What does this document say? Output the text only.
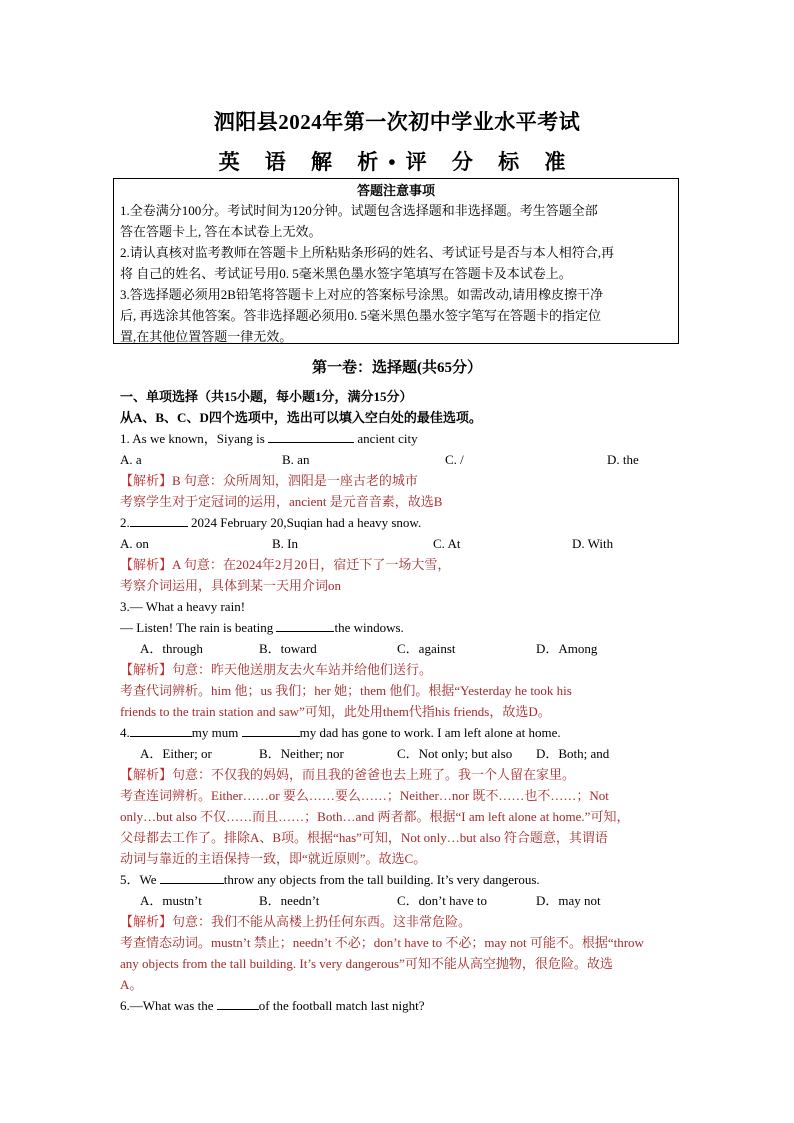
泗阳县2024年第一次初中学业水平考试
英 语 解 析•评 分 标 准
答题注意事项

1.全卷满分100分。考试时间为120分钟。试题包含选择题和非选择题。考生答题全部

答在答题卡上, 答在本试卷上无效。

2.请认真核对监考教师在答题卡上所粘贴条形码的姓名、考试证号是否与本人相符合,再

将 自己的姓名、考试证号用0. 5毫米黑色墨水签字笔填写在答题卡及本试卷上。

3.答选择题必须用2B铅笔将答题卡上对应的答案标号涂黑。如需改动,请用橡皮擦干净

后, 再选涂其他答案。答非选择题必须用0. 5毫米黑色墨水签字笔写在答题卡的指定位

置,在其他位置答题一律无效。

第一卷：选择题(共65分）
一、单项选择（共15小题，每小题1分，满分15分）
从A、B、C、D四个选项中，选出可以填入空白处的最佳选项。
1. As we known，Siyang is	ancient city
A. a	B. an	C. /	D. the
【解析】B 句意：众所周知，泗阳是一座古老的城市
考察学生对于定冠词的运用，ancient 是元音音素，故选B
2.	2024 February 20,Suqian had a heavy snow.
A. on	B. In	C. At	D. With
【解析】A 句意：在2024年2月20日，宿迁下了一场大雪，
考察介词运用，具体到某一天用介词on
3.— What a heavy rain!
— Listen! The rain is beating	the windows.
A．through	B．toward	C．against	D．Among
【解析】句意：昨天他送朋友去火车站并给他们送行。
考查代词辨析。him 他；us 我们；her 她；them 他们。根据“Yesterday he took his
friends to the train station and saw”可知，此处用them代指his friends，故选D。
4.	my mum	my dad has gone to work. I am left alone at home.
A．Either; or	B．Neither; nor	C．Not only; but also D．Both; and
【解析】句意：不仅我的妈妈，而且我的爸爸也去上班了。我一个人留在家里。
考查连词辨析。Either……or 要么……要么……；Neither…nor 既不……也不……；Not
only…but also 不仅……而且……；Both…and 两者都。根据“I am left alone at home.”可知，
父母都去工作了。排除A、B项。根据“has”可知，Not only…but also 符合题意，其谓语
动词与靠近的主语保持一致，即“就近原则”。故选C。
5．We	throw any objects from the tall building. It’s very dangerous.
A．mustn’t	B．needn’t	C．don’t have to	D．may not
【解析】句意：我们不能从高楼上扔任何东西。这非常危险。
考查情态动词。mustn’t 禁止；needn’t 不必；don’t have to 不必；may not 可能不。根据“throw
any objects from the tall building. It’s very dangerous”可知不能从高空抛物，很危险。故选
A。
6.—What was the	of the football match last night?
